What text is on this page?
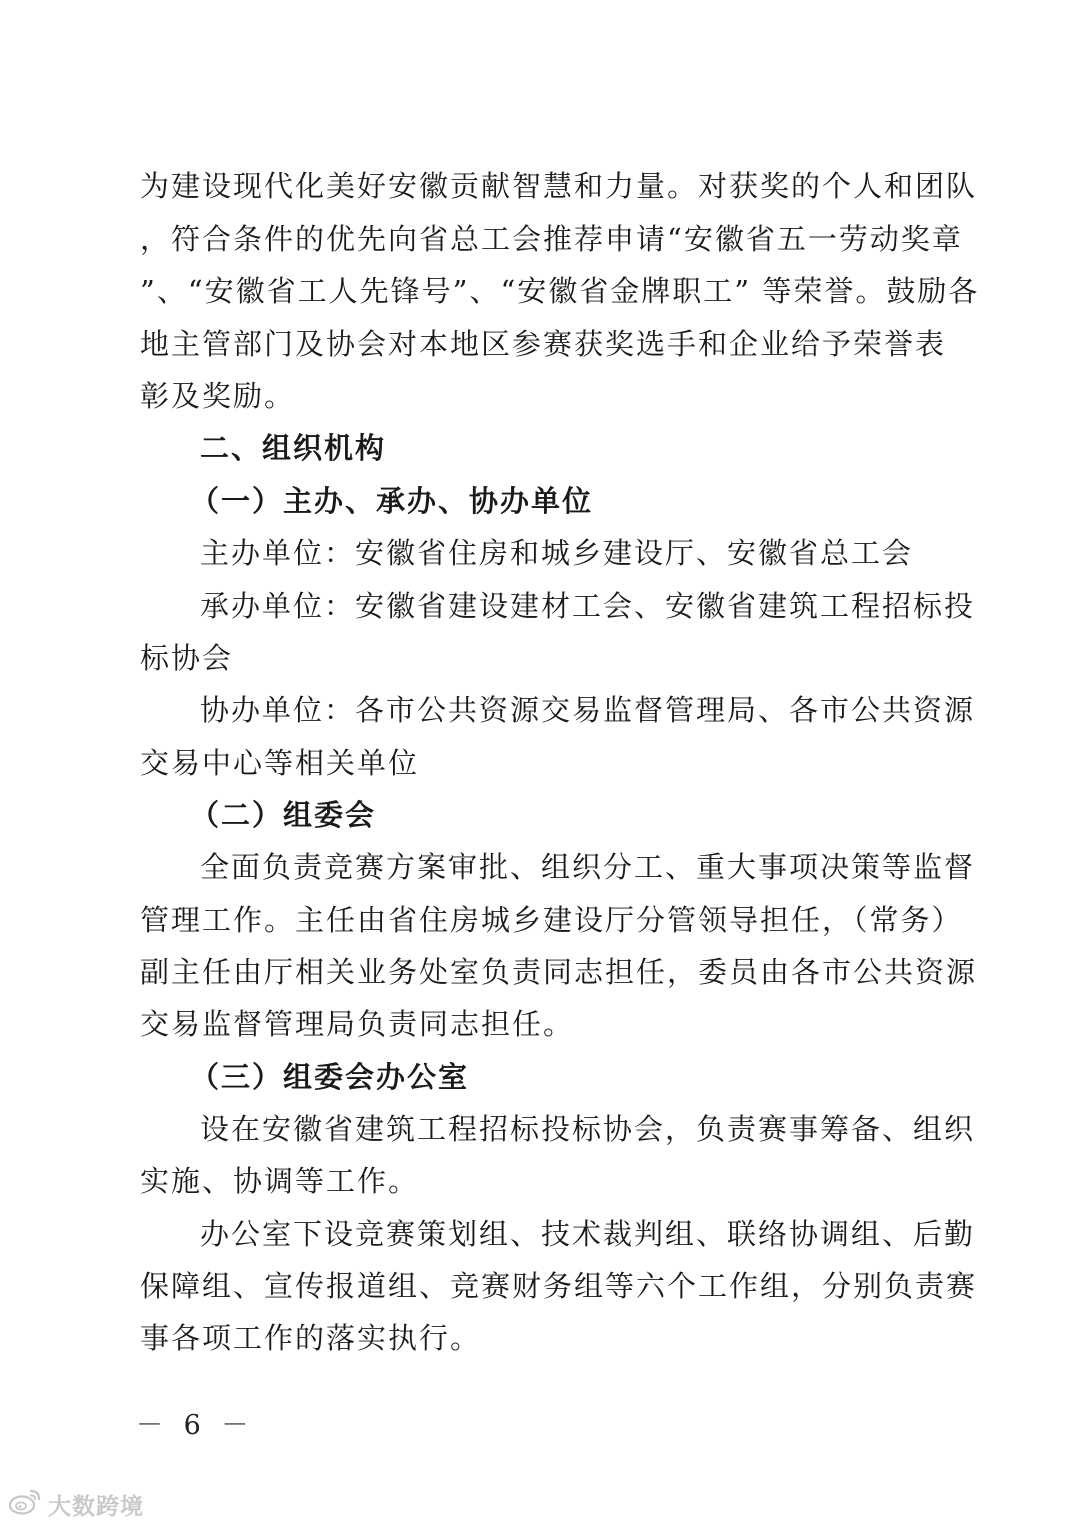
为建设现代化美好安徽贡献智慧和力量。对获奖的个人和团队
，符合条件的优先向省总工会推荐申请“安徽省五一劳动奖章
”、“安徽省工人先锋号”、“安徽省金牌职工” 等荣誉。鼓励各
地主管部门及协会对本地区参赛获奖选手和企业给予荣誉表
彰及奖励。
二、组织机构
（一）主办、承办、协办单位
主办单位：安徽省住房和城乡建设厅、安徽省总工会
承办单位：安徽省建设建材工会、安徽省建筑工程招标投
标协会
协办单位：各市公共资源交易监督管理局、各市公共资源
交易中心等相关单位
（二）组委会
全面负责竞赛方案审批、组织分工、重大事项决策等监督
管理工作。主任由省住房城乡建设厅分管领导担任，（常务）
副主任由厅相关业务处室负责同志担任，委员由各市公共资源
交易监督管理局负责同志担任。
（三）组委会办公室
设在安徽省建筑工程招标投标协会，负责赛事筹备、组织
实施、协调等工作。
办公室下设竞赛策划组、技术裁判组、联络协调组、后勤
保障组、宣传报道组、竞赛财务组等六个工作组，分别负责赛
事各项工作的落实执行。
－ 6 －
大数跨境
